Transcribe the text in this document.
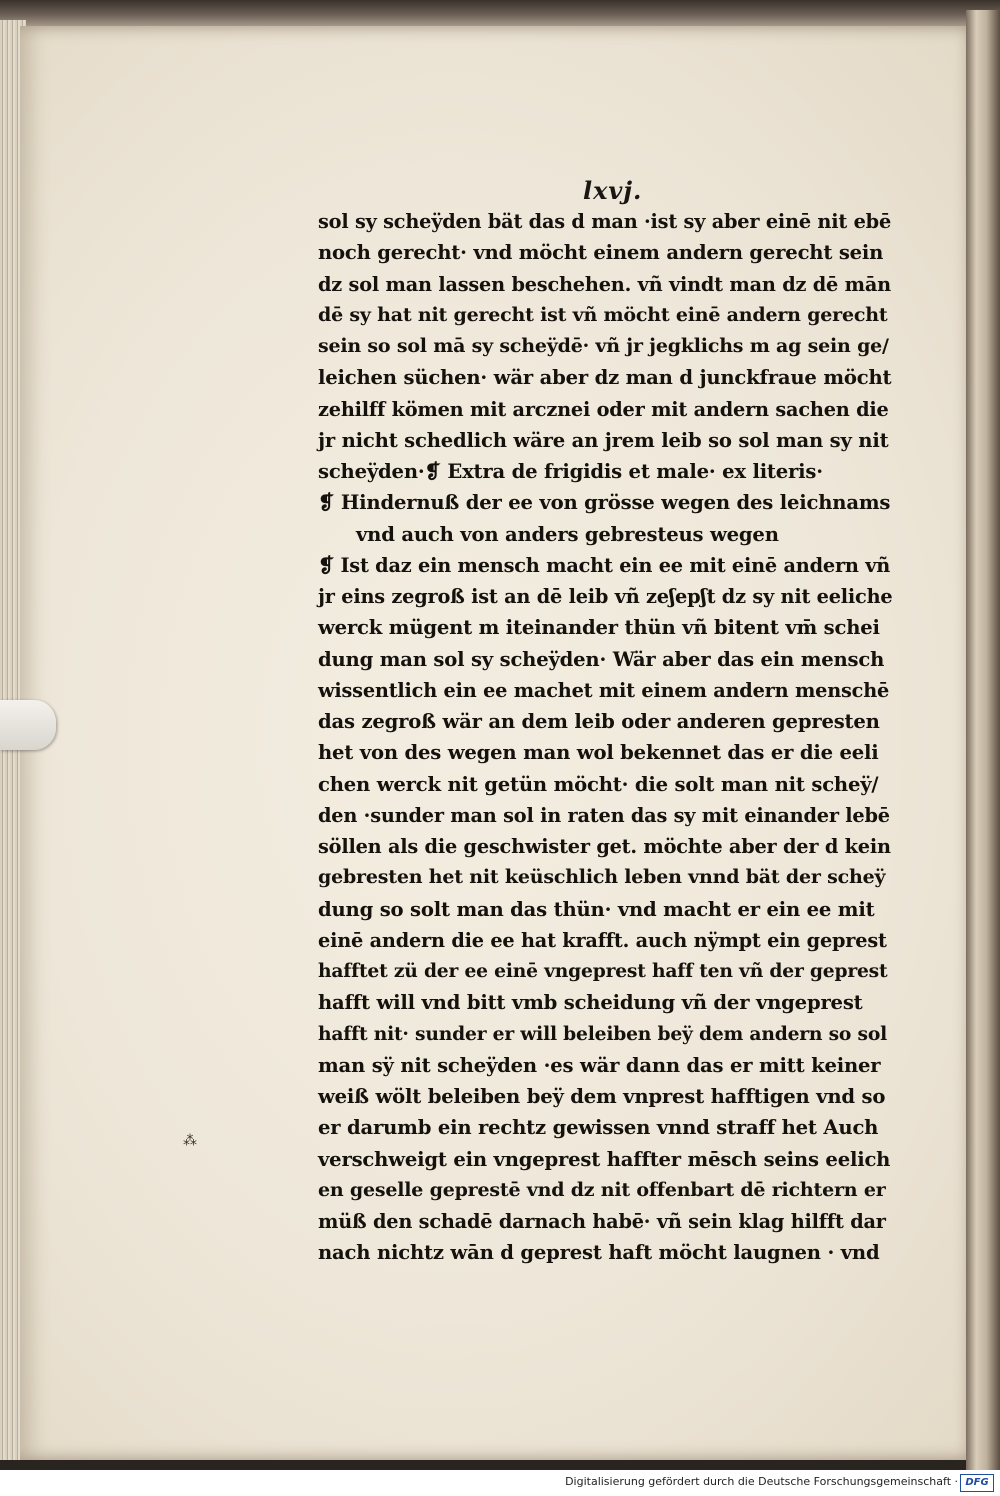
lxvj.
sol sy scheÿden bät das d man ·ist sy aber einē nit ebē
noch gerecht· vnd möcht einem andern gerecht sein
dz sol man lassen beschehen. vñ vindt man dz dē mān
dē sy hat nit gerecht ist vñ möcht einē andern gerecht
sein so sol mā sy scheÿdē· vñ jr jegklichs m ag sein ge/
leichen süchen· wär aber dz man d junckfraue möcht
zehilff kömen mit arcznei oder mit andern sachen die
jr nicht schedlich wäre an jrem leib so sol man sy nit
scheÿden·❡ Extra de frigidis et male· ex literis·
❡ Hindernuß der ee von grösse wegen des leichnams
vnd auch von anders gebresteus wegen
❡ Ist daz ein mensch macht ein ee mit einē andern vñ
jr eins zegroß ist an dē leib vñ zeʃepʃt dz sy nit eeliche
werck mügent m iteinander thün vñ bitent vm̄ schei
dung man sol sy scheÿden· Wär aber das ein mensch
wissentlich ein ee machet mit einem andern menschē
das zegroß wär an dem leib oder anderen gepresten
het von des wegen man wol bekennet das er die eeli
chen werck nit getün möcht· die solt man nit scheÿ/
den ·sunder man sol in raten das sy mit einander lebē
söllen als die geschwister get. möchte aber der d kein
gebresten het nit keüschlich leben vnnd bät der scheÿ
dung so solt man das thün· vnd macht er ein ee mit
einē andern die ee hat krafft. auch nÿmpt ein geprest
hafftet zü der ee einē vngeprest haff ten vñ der geprest
hafft will vnd bitt vmb scheidung vñ der vngeprest
hafft nit· sunder er will beleiben beÿ dem andern so sol
man sÿ nit scheÿden ·es wär dann das er mitt keiner
weiß wölt beleiben beÿ dem vnprest hafftigen vnd so
er darumb ein rechtz gewissen vnnd straff het Auch
verschweigt ein vngeprest haffter mēsch seins eelich
en geselle geprestē vnd dz nit offenbart dē richtern er
müß den schadē darnach habē· vñ sein klag hilfft dar
nach nichtz wān d geprest haft möcht laugnen · vnd
⁂
Digitalisierung gefördert durch die Deutsche Forschungsgemeinschaft · DFG
